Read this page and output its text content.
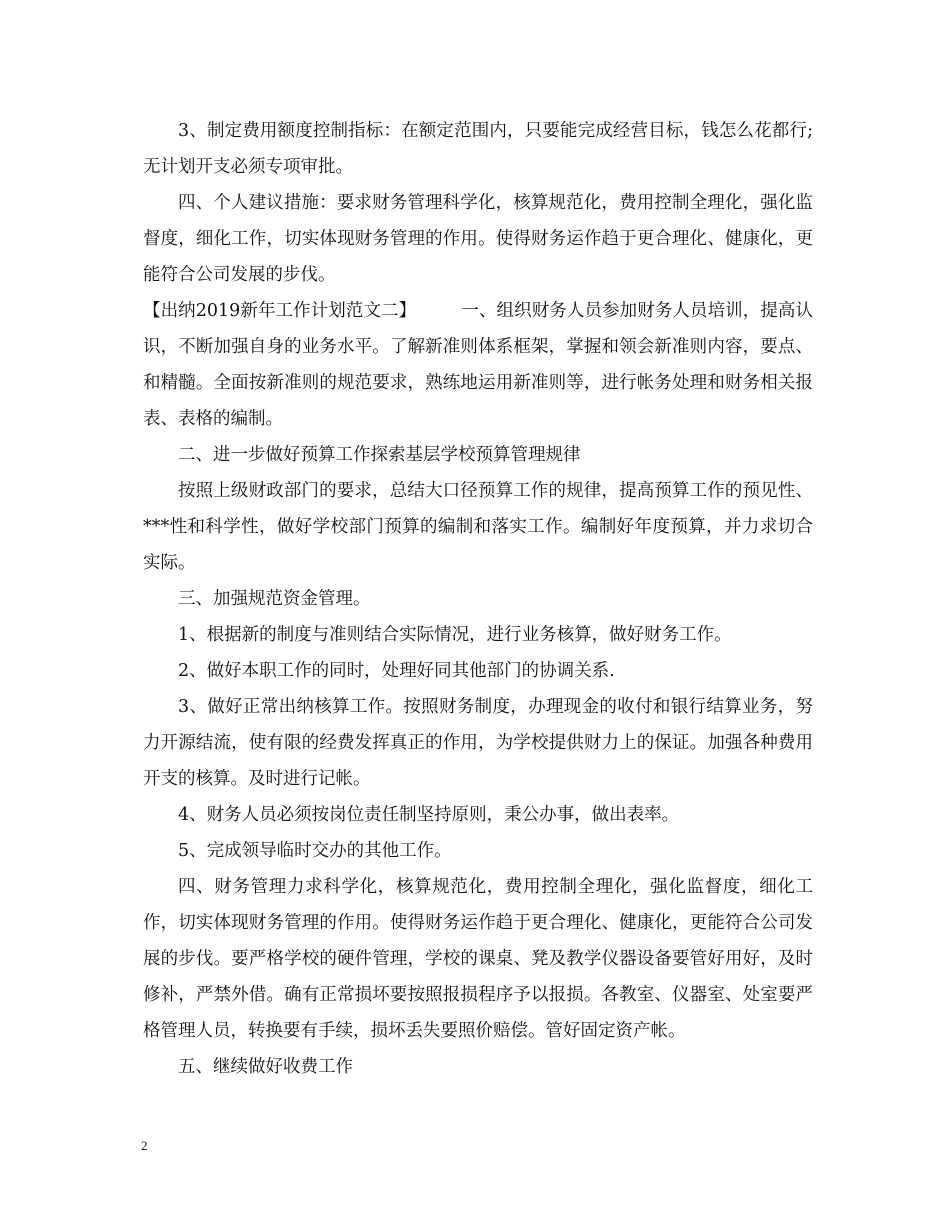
3、制定费用额度控制指标：在额定范围内，只要能完成经营目标，钱怎么花都行;无计划开支必须专项审批。

四、个人建议措施：要求财务管理科学化，核算规范化，费用控制全理化，强化监督度，细化工作，切实体现财务管理的作用。使得财务运作趋于更合理化、健康化，更能符合公司发展的步伐。

【出纳2019新年工作计划范文二】        一、组织财务人员参加财务人员培训，提高认识，不断加强自身的业务水平。了解新准则体系框架，掌握和领会新准则内容，要点、和精髓。全面按新准则的规范要求，熟练地运用新准则等，进行帐务处理和财务相关报表、表格的编制。

二、进一步做好预算工作探索基层学校预算管理规律

按照上级财政部门的要求，总结大口径预算工作的规律，提高预算工作的预见性、***性和科学性，做好学校部门预算的编制和落实工作。编制好年度预算，并力求切合实际。

三、加强规范资金管理。

1、根据新的制度与准则结合实际情况，进行业务核算，做好财务工作。

2、做好本职工作的同时，处理好同其他部门的协调关系.

3、做好正常出纳核算工作。按照财务制度，办理现金的收付和银行结算业务，努力开源结流，使有限的经费发挥真正的作用，为学校提供财力上的保证。加强各种费用开支的核算。及时进行记帐。

4、财务人员必须按岗位责任制坚持原则，秉公办事，做出表率。

5、完成领导临时交办的其他工作。

四、财务管理力求科学化，核算规范化，费用控制全理化，强化监督度，细化工作，切实体现财务管理的作用。使得财务运作趋于更合理化、健康化，更能符合公司发展的步伐。要严格学校的硬件管理，学校的课桌、凳及教学仪器设备要管好用好，及时修补，严禁外借。确有正常损坏要按照报损程序予以报损。各教室、仪器室、处室要严格管理人员，转换要有手续，损坏丢失要照价赔偿。管好固定资产帐。

五、继续做好收费工作

2
